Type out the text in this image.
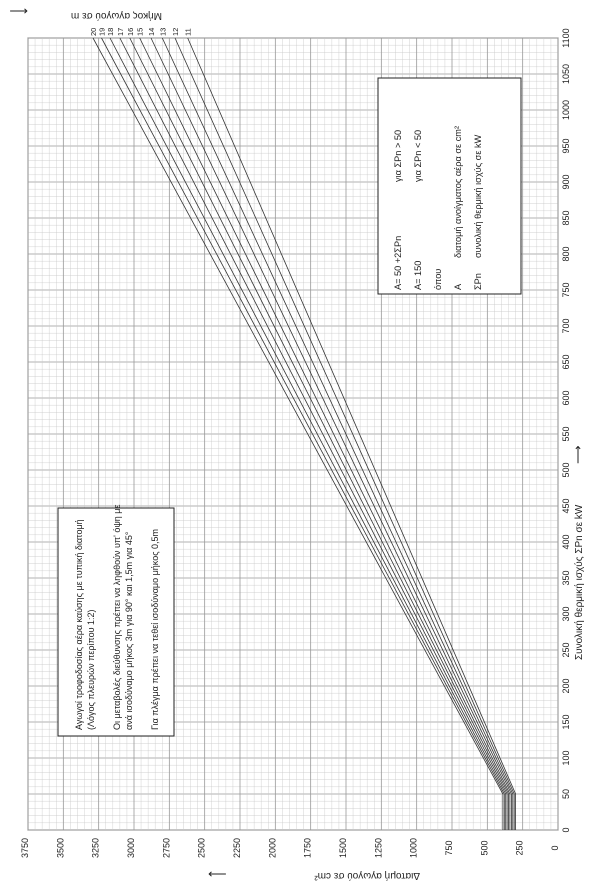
11
12
13
14
15
16
17
18
19
20
0
50
100
150
200
250
300
350
400
450
500
550
600
650
700
750
800
850
900
950
1000
1050
1100
0
250
500
750
1000
1250
1500
1750
2000
2250
2500
2750
3000
3250
3500
3750
A= 50 +2ΣPn
για ΣPn > 50
A= 150
για ΣPn < 50
όπου A
διατομή ανοίγματος αέρα σε cm²
ΣPn
συνολική θερμική ισχύς σε kW
Αγωγοί τροφοδοσίας αέρα καύσης με τυπική διατομή (Λόγος πλευρών περίπου 1:2) Οι μεταβολές διεύθυνσης πρέπει να ληφθούν υπ' όψη με ανά ισοδύναμο μήκος 3m για 90° και 1,5m για 45° Για πλέγμα πρέπει να τεθεί ισοδύναμο μήκος 0,5m
Μήκος αγωγού σε m
⟵
Συνολική θερμική ισχύς ΣPn σε kW
⟶
Διατομή αγωγού σε cm²
⟵
